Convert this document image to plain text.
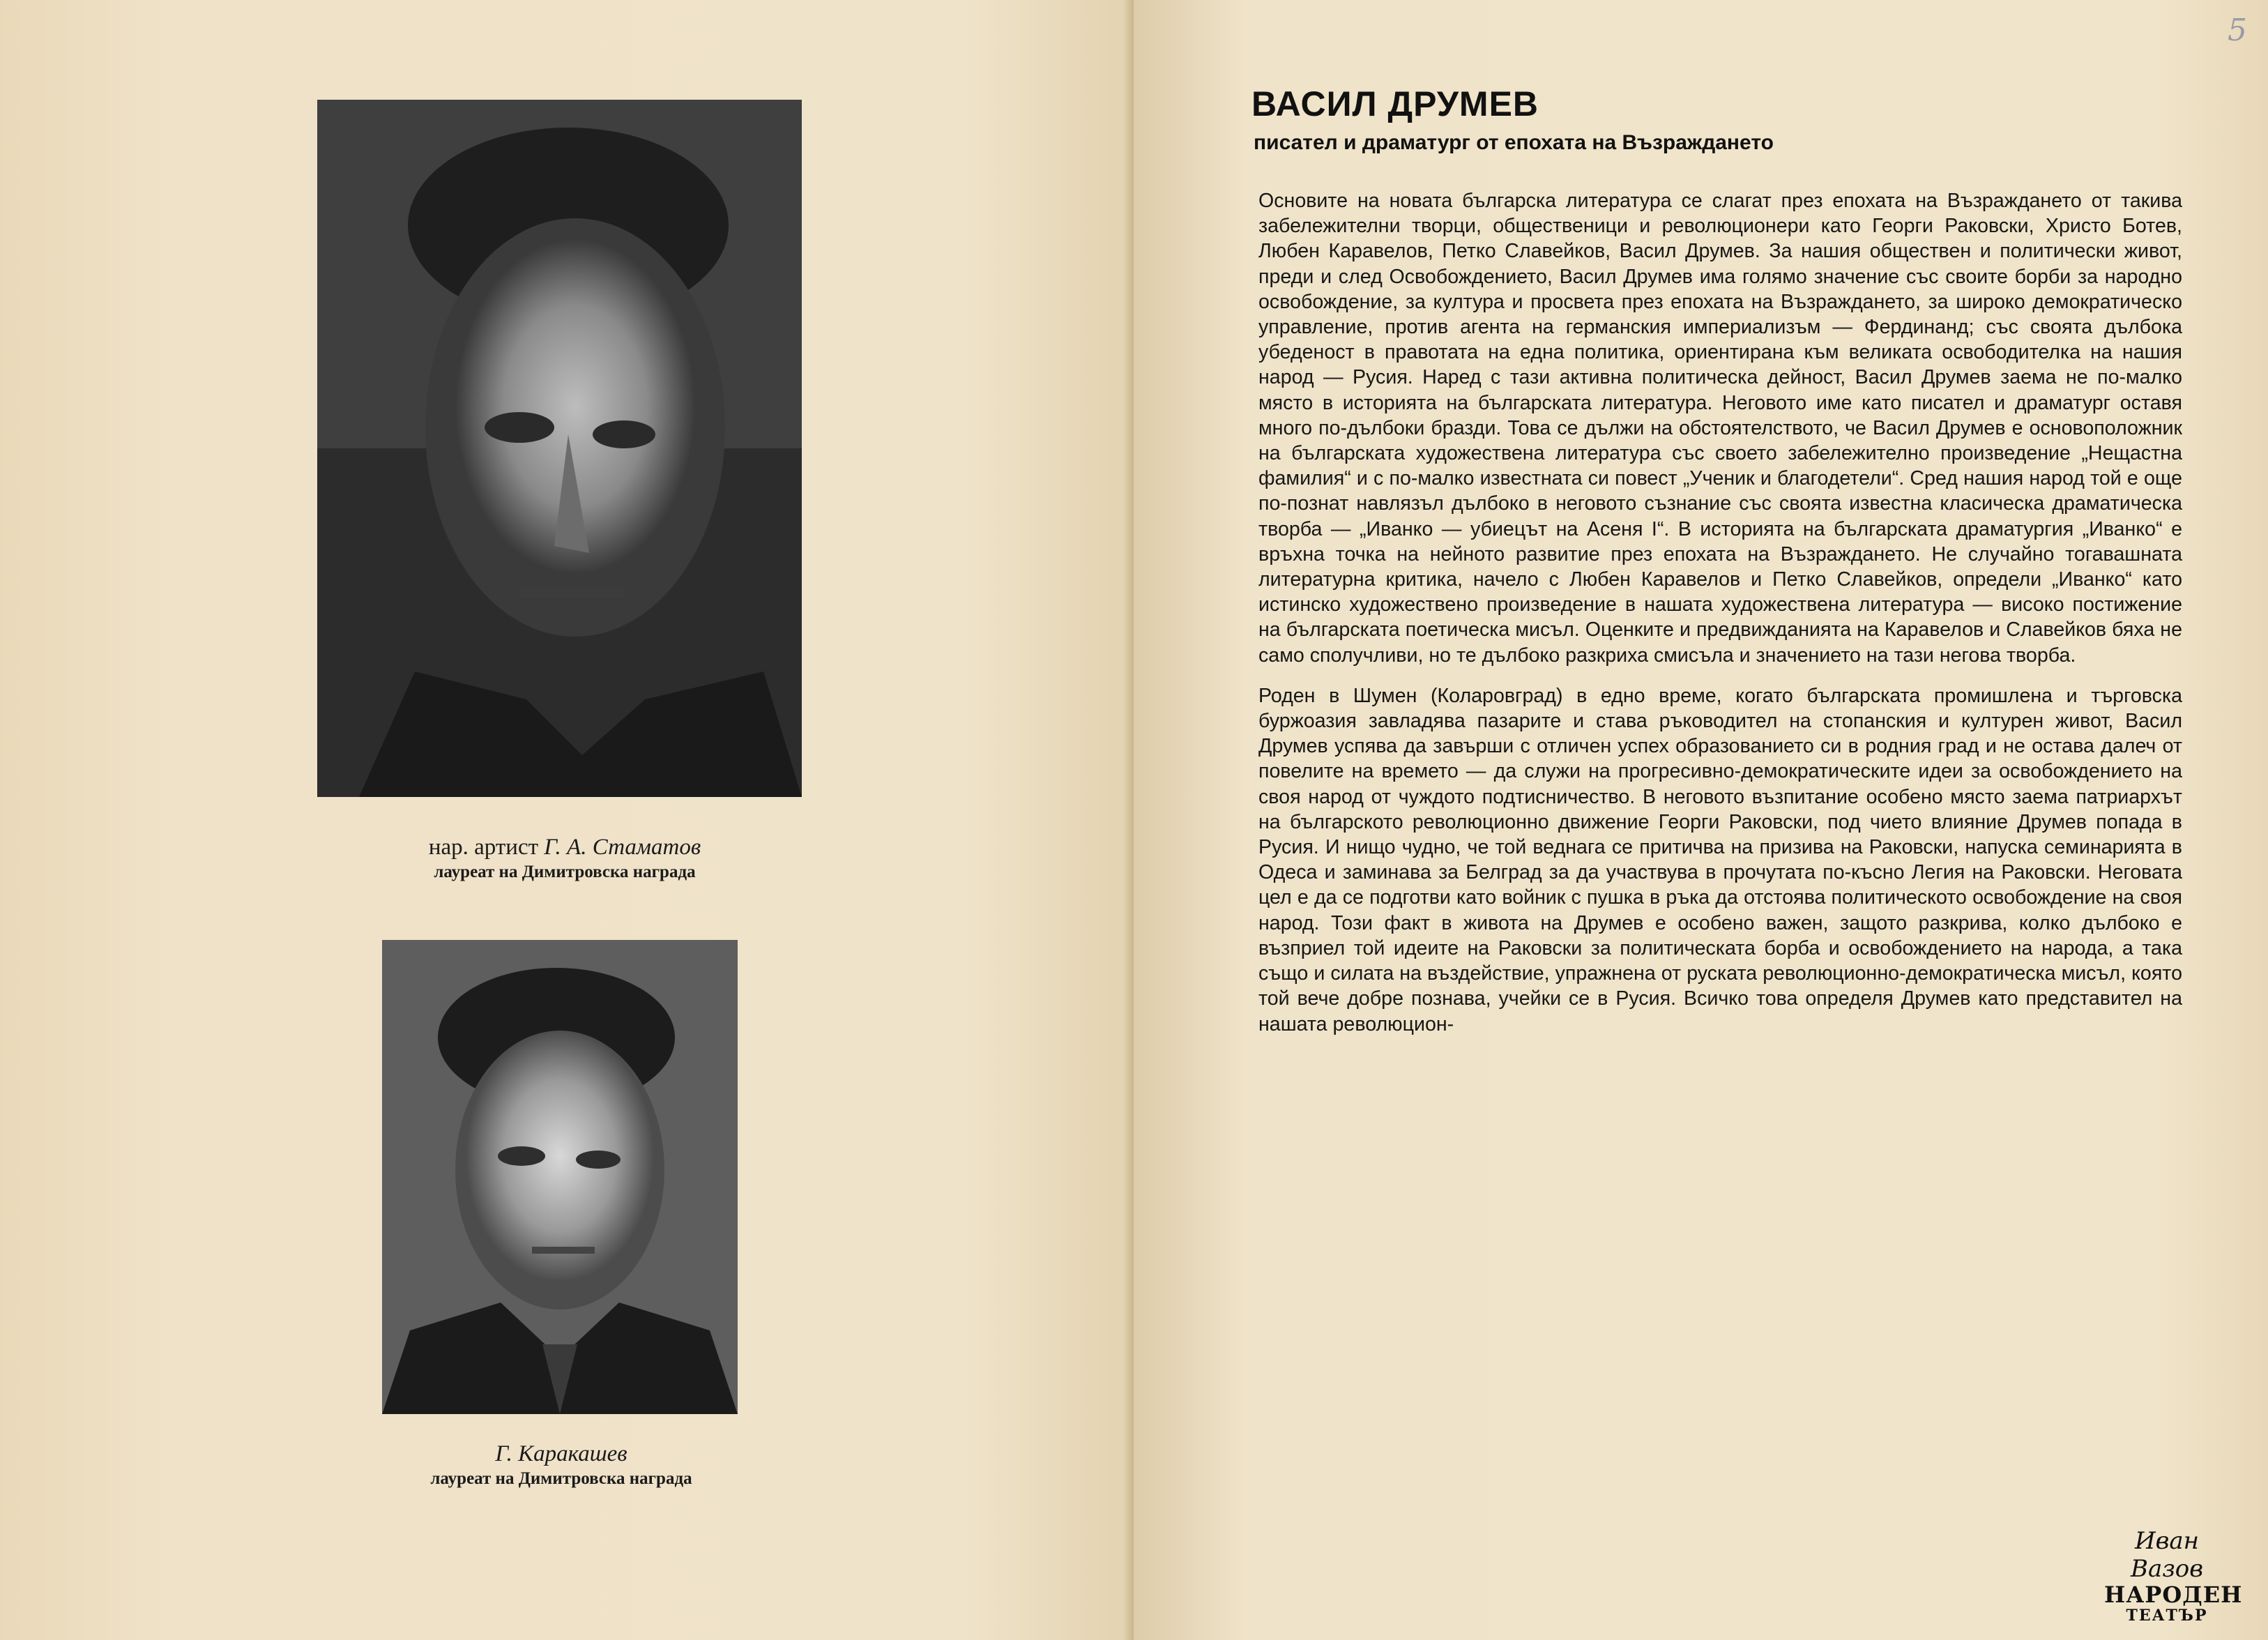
нар. артист Г. А. Стаматов
лауреат на Димитровска награда
Г. Каракашев
лауреат на Димитровска награда
5
ВАСИЛ ДРУМЕВ
писател и драматург от епохата на Възраждането

Основите на новата българска литература се слагат през епохата на Възраждането от такива забележителни творци, общественици и революционери като Георги Раковски, Христо Ботев, Любен Каравелов, Петко Славейков, Васил Друмев. За нашия обществен и политически живот, преди и след Освобождението, Васил Друмев има голямо значение със своите борби за народно освобождение, за култура и просвета през епохата на Възраждането, за широко демократическо управление, против агента на германския империализъм — Фердинанд; със своята дълбока убеденост в правотата на една политика, ориентирана към великата освободителка на нашия народ — Русия. Наред с тази активна политическа дейност, Васил Друмев заема не по-малко място в историята на българската литература. Неговото име като писател и драматург оставя много по-дълбоки бразди. Това се дължи на обстоятелството, че Васил Друмев е основоположник на българската художествена литература със своето забележително произведение „Нещастна фамилия“ и с по-малко известната си повест „Ученик и благодетели“. Сред нашия народ той е още по-познат навлязъл дълбоко в неговото съзнание със своята известна класическа драматическа творба — „Иванко — убиецът на Асеня I“. В историята на българската драматургия „Иванко“ е връхна точка на нейното развитие през епохата на Възраждането. Не случайно тогавашната литературна критика, начело с Любен Каравелов и Петко Славейков, определи „Иванко“ като истинско художествено произведение в нашата художествена литература — високо постижение на българската поетическа мисъл. Оценките и предвижданията на Каравелов и Славейков бяха не само сполучливи, но те дълбоко разкриха смисъла и значението на тази негова творба.

Роден в Шумен (Коларовград) в едно време, когато българската промишлена и търговска буржоазия завладява пазарите и става ръководител на стопанския и културен живот, Васил Друмев успява да завърши с отличен успех образованието си в родния град и не остава далеч от повелите на времето — да служи на прогресивно-демократическите идеи за освобождението на своя народ от чуждото подтисничество. В неговото възпитание особено място заема патриархът на българското революционно движение Георги Раковски, под чието влияние Друмев попада в Русия. И нищо чудно, че той веднага се притичва на призива на Раковски, напуска семинарията в Одеса и заминава за Белград за да участвува в прочутата по-късно Легия на Раковски. Неговата цел е да се подготви като войник с пушка в ръка да отстоява политическото освобождение на своя народ. Този факт в живота на Друмев е особено важен, защото разкрива, колко дълбоко е възприел той идеите на Раковски за политическата борба и освобождението на народа, а така също и силата на въздействие, упражнена от руската революционно-демократическа мисъл, която той вече добре познава, учейки се в Русия. Всичко това определя Друмев като представител на нашата революцион-

Иван Вазов
НАРОДЕН
ТЕАТЪР
